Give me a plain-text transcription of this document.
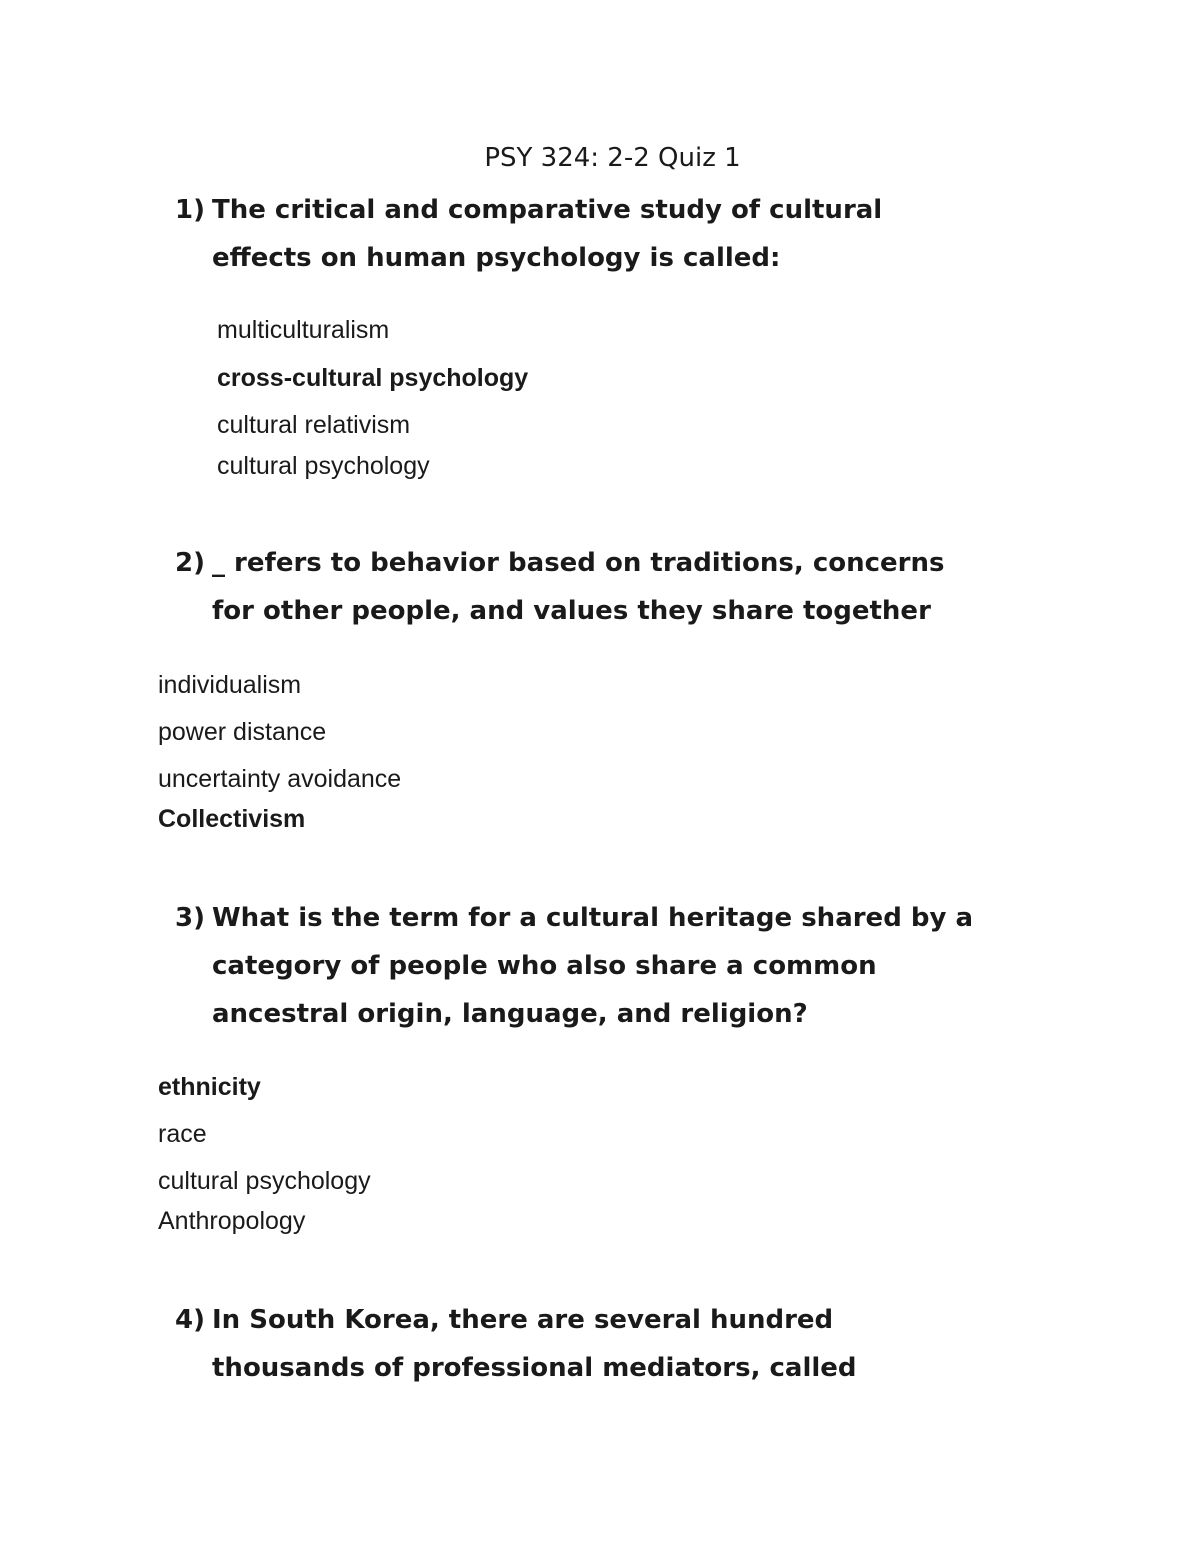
PSY 324: 2-2 Quiz 1
1) The critical and comparative study of cultural
effects on human psychology is called:
multiculturalism
cross-cultural psychology
cultural relativism
cultural psychology
2) _ refers to behavior based on traditions, concerns
for other people, and values they share together
individualism
power distance
uncertainty avoidance
Collectivism
3) What is the term for a cultural heritage shared by a
category of people who also share a common
ancestral origin, language, and religion?
ethnicity
race
cultural psychology
Anthropology
4) In South Korea, there are several hundred
thousands of professional mediators, called
